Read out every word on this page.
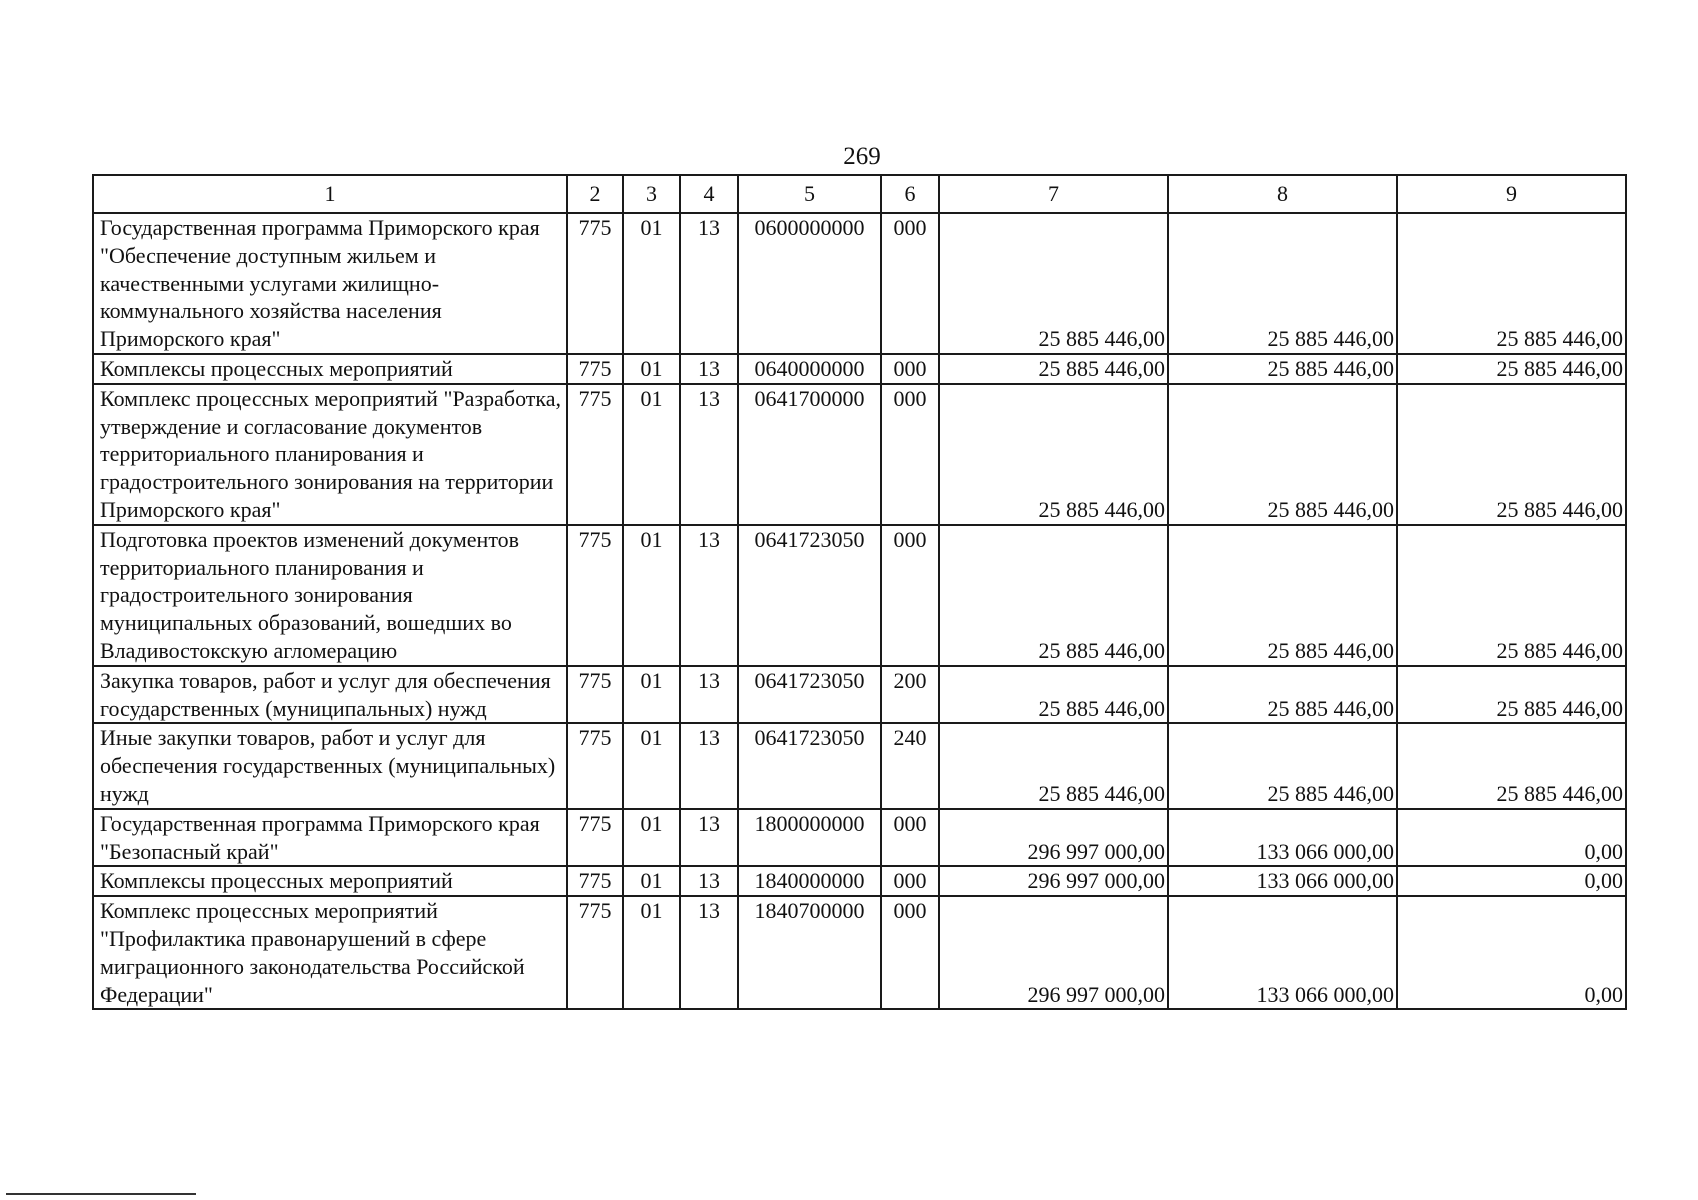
269
1	2	3	4	5	6	7	8	9
Государственная программа Приморского края "Обеспечение доступным жильем и качественными услугами жилищно-коммунального хозяйства населения Приморского края"	775	01	13	0600000000	000	25 885 446,00	25 885 446,00	25 885 446,00
Комплексы процессных мероприятий	775	01	13	0640000000	000	25 885 446,00	25 885 446,00	25 885 446,00
Комплекс процессных мероприятий "Разработка, утверждение и согласование документов территориального планирования и градостроительного зонирования на территории Приморского края"	775	01	13	0641700000	000	25 885 446,00	25 885 446,00	25 885 446,00
Подготовка проектов изменений документов территориального планирования и градостроительного зонирования муниципальных образований, вошедших во Владивостокскую агломерацию	775	01	13	0641723050	000	25 885 446,00	25 885 446,00	25 885 446,00
Закупка товаров, работ и услуг для обеспечения государственных (муниципальных) нужд	775	01	13	0641723050	200	25 885 446,00	25 885 446,00	25 885 446,00
Иные закупки товаров, работ и услуг для обеспечения государственных (муниципальных) нужд	775	01	13	0641723050	240	25 885 446,00	25 885 446,00	25 885 446,00
Государственная программа Приморского края "Безопасный край"	775	01	13	1800000000	000	296 997 000,00	133 066 000,00	0,00
Комплексы процессных мероприятий	775	01	13	1840000000	000	296 997 000,00	133 066 000,00	0,00
Комплекс процессных мероприятий "Профилактика правонарушений в сфере миграционного законодательства Российской Федерации"	775	01	13	1840700000	000	296 997 000,00	133 066 000,00	0,00
